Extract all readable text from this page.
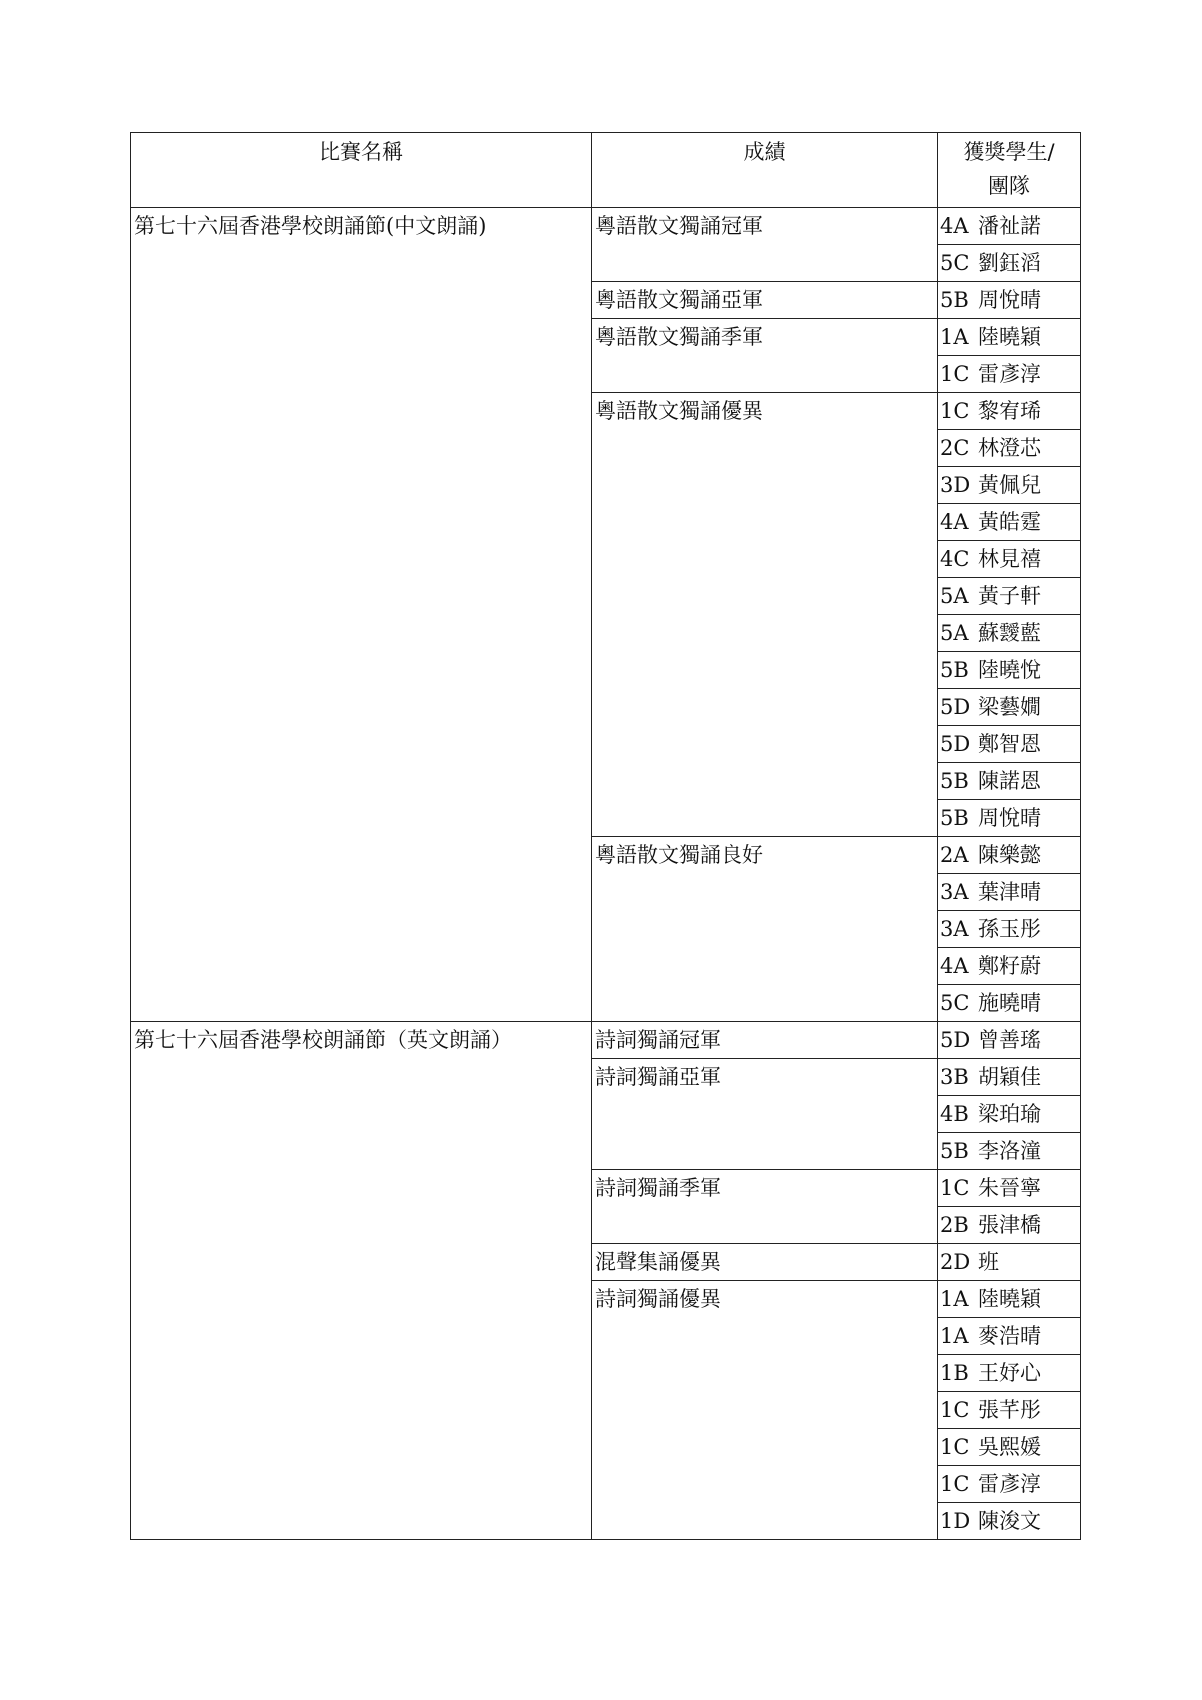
比賽名稱	成績	獲獎學生/
團隊
第七十六屆香港學校朗誦節(中文朗誦)	粵語散文獨誦冠軍	4A 潘祉諾
		5C 劉鈺滔
	粵語散文獨誦亞軍	5B 周悅晴
	粵語散文獨誦季軍	1A 陸曉穎
		1C 雷彥淳
	粵語散文獨誦優異	1C 黎宥琋
		2C 林澄芯
		3D 黃佩兒
		4A 黃皓霆
		4C 林見禧
		5A 黃子軒
		5A 蘇靉藍
		5B 陸曉悅
		5D 梁藝嫺
		5D 鄭智恩
		5B 陳諾恩
		5B 周悅晴
	粵語散文獨誦良好	2A 陳樂懿
		3A 葉津晴
		3A 孫玉彤
		4A 鄭籽蔚
		5C 施曉晴
第七十六屆香港學校朗誦節（英文朗誦）	詩詞獨誦冠軍	5D 曾善瑤
	詩詞獨誦亞軍	3B 胡穎佳
		4B 梁珀瑜
		5B 李洛潼
	詩詞獨誦季軍	1C 朱晉寧
		2B 張津橋
	混聲集誦優異	2D 班
	詩詞獨誦優異	1A 陸曉穎
		1A 麥浩晴
		1B 王妤心
		1C 張芊彤
		1C 吳熙媛
		1C 雷彥淳
		1D 陳浚文
